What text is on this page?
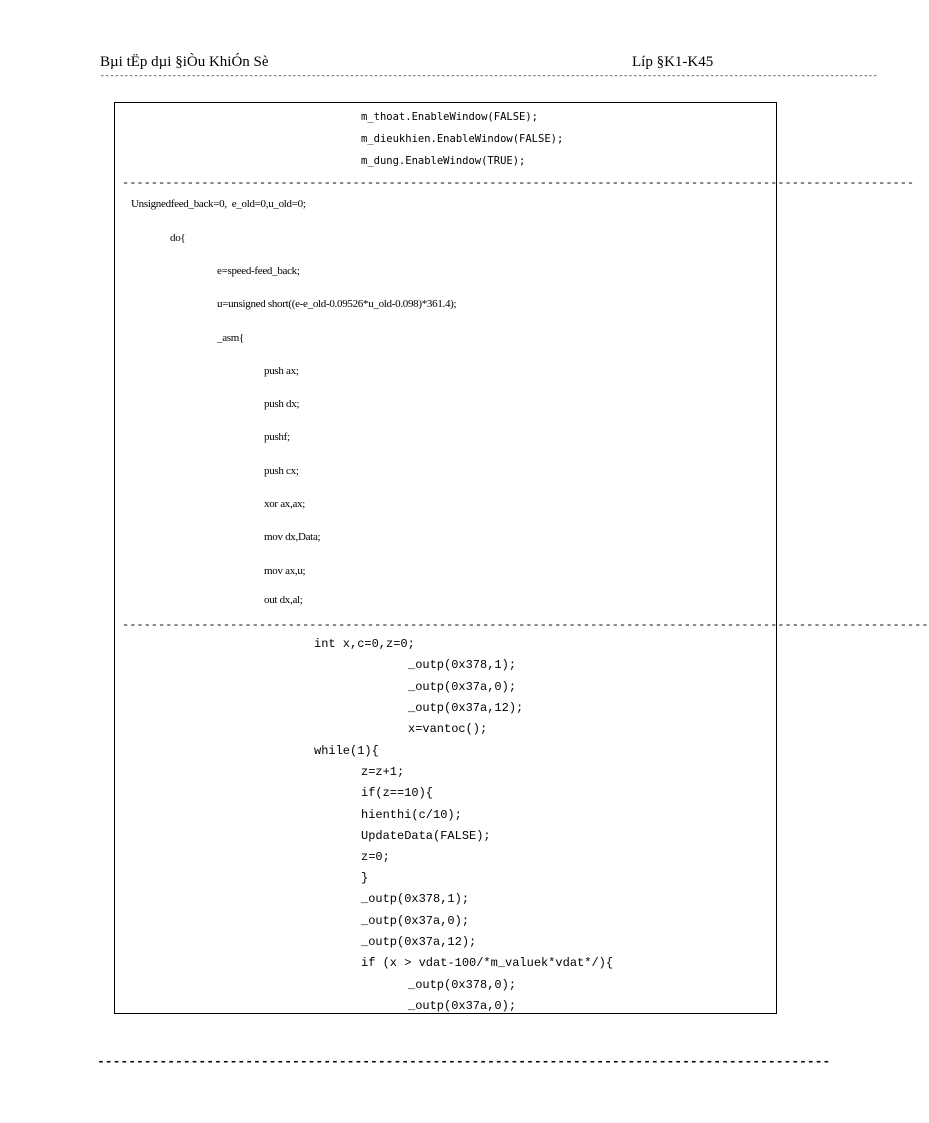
Bµi tËp dµi §iÒu KhiÓn Sè	Líp §K1-K45
------------------------------------------------------------------------------------------------------------------------------------------------------------------
m_thoat.EnableWindow(FALSE);
m_dieukhien.EnableWindow(FALSE);
m_dung.EnableWindow(TRUE);
--------------------------------------------------------------------------------------------------------------
Unsignedfeed_back=0,  e_old=0,u_old=0;
do{
e=speed-feed_back;
u=unsigned short((e-e_old-0.09526*u_old-0.098)*361.4);
_asm{
push ax;
push dx;
pushf;
push cx;
xor ax,ax;
mov dx,Data;
mov ax,u;
out dx,al;
----------------------------------------------------------------------------------------------------------------
int x,c=0,z=0;
_outp(0x378,1);
_outp(0x37a,0);
_outp(0x37a,12);
x=vantoc();
while(1){
z=z+1;
if(z==10){
hienthi(c/10);
UpdateData(FALSE);
z=0;
}
_outp(0x378,1);
_outp(0x37a,0);
_outp(0x37a,12);
if (x > vdat-100/*m_valuek*vdat*/){
_outp(0x378,0);
_outp(0x37a,0);
----------------------------------------------------------------------------------------------
